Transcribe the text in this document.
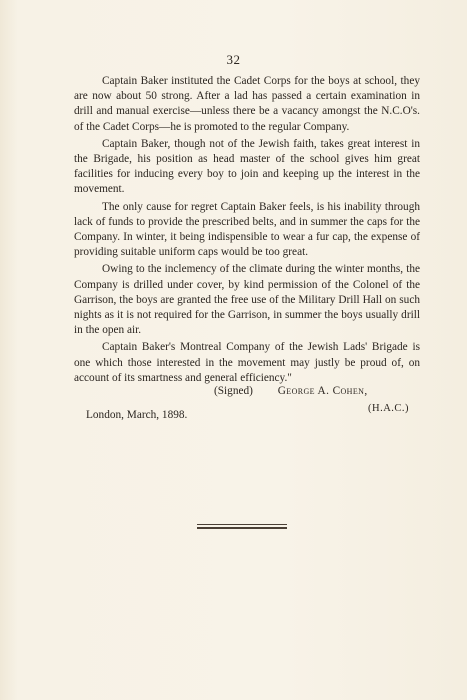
32

Captain Baker instituted the Cadet Corps for the boys at school, they are now about 50 strong. After a lad has passed a certain examination in drill and manual exercise—unless there be a vacancy amongst the N.C.O's. of the Cadet Corps—he is promoted to the regular Company.

Captain Baker, though not of the Jewish faith, takes great interest in the Brigade, his position as head master of the school gives him great facilities for inducing every boy to join and keeping up the interest in the movement.

The only cause for regret Captain Baker feels, is his inability through lack of funds to provide the prescribed belts, and in summer the caps for the Company. In winter, it being indispensible to wear a fur cap, the expense of providing suitable uniform caps would be too great.

Owing to the inclemency of the climate during the winter months, the Company is drilled under cover, by kind permission of the Colonel of the Garrison, the boys are granted the free use of the Military Drill Hall on such nights as it is not required for the Garrison, in summer the boys usually drill in the open air.

Captain Baker's Montreal Company of the Jewish Lads' Brigade is one which those interested in the movement may justly be proud of, on account of its smartness and general efficiency."

(Signed) George A. Cohen,
(H.A.C.)
London, March, 1898.
